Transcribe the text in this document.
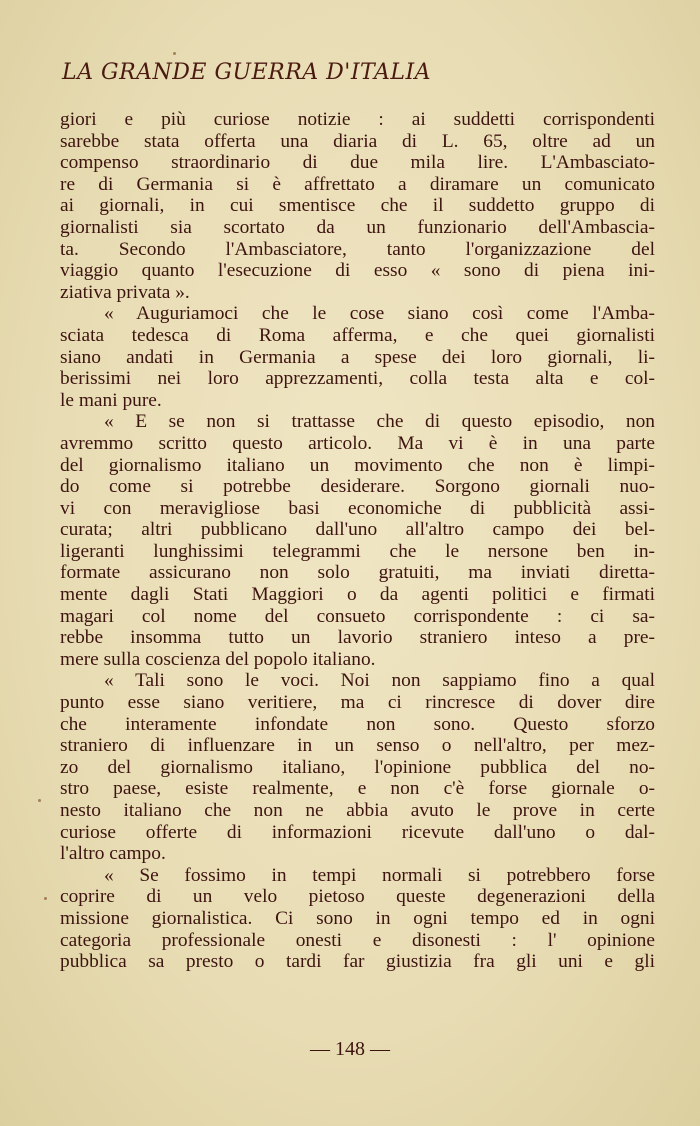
LA GRANDE GUERRA D'ITALIA

giori e più curiose notizie : ai suddetti corrispondenti
sarebbe stata offerta una diaria di L. 65, oltre ad un
compenso straordinario di due mila lire. L'Ambasciato-
re di Germania si è affrettato a diramare un comunicato
ai giornali, in cui smentisce che il suddetto gruppo di
giornalisti sia scortato da un funzionario dell'Ambascia-
ta. Secondo l'Ambasciatore, tanto l'organizzazione del
viaggio quanto l'esecuzione di esso « sono di piena ini-
ziativa privata ».
« Auguriamoci che le cose siano così come l'Amba-
sciata tedesca di Roma afferma, e che quei giornalisti
siano andati in Germania a spese dei loro giornali, li-
berissimi nei loro apprezzamenti, colla testa alta e col-
le mani pure.
« E se non si trattasse che di questo episodio, non
avremmo scritto questo articolo. Ma vi è in una parte
del giornalismo italiano un movimento che non è limpi-
do come si potrebbe desiderare. Sorgono giornali nuo-
vi con meravigliose basi economiche di pubblicità assi-
curata; altri pubblicano dall'uno all'altro campo dei bel-
ligeranti lunghissimi telegrammi che le nersone ben in-
formate assicurano non solo gratuiti, ma inviati diretta-
mente dagli Stati Maggiori o da agenti politici e firmati
magari col nome del consueto corrispondente : ci sa-
rebbe insomma tutto un lavorio straniero inteso a pre-
mere sulla coscienza del popolo italiano.
« Tali sono le voci. Noi non sappiamo fino a qual
punto esse siano veritiere, ma ci rincresce di dover dire
che interamente infondate non sono. Questo sforzo
straniero di influenzare in un senso o nell'altro, per mez-
zo del giornalismo italiano, l'opinione pubblica del no-
stro paese, esiste realmente, e non c'è forse giornale o-
nesto italiano che non ne abbia avuto le prove in certe
curiose offerte di informazioni ricevute dall'uno o dal-
l'altro campo.
« Se fossimo in tempi normali si potrebbero forse
coprire di un velo pietoso queste degenerazioni della
missione giornalistica. Ci sono in ogni tempo ed in ogni
categoria professionale onesti e disonesti : l' opinione
pubblica sa presto o tardi far giustizia fra gli uni e gli

— 148 —
